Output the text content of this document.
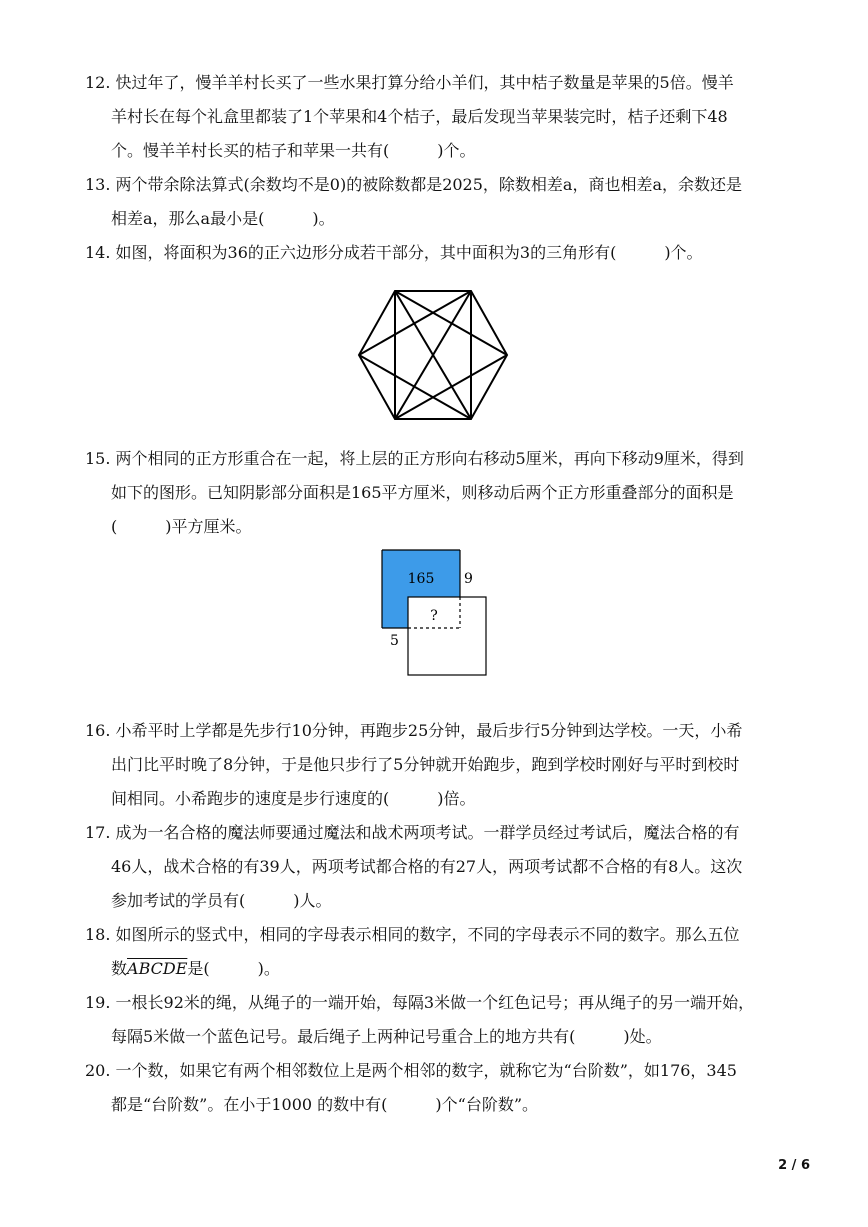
12. 快过年了，慢羊羊村长买了一些水果打算分给小羊们，其中桔子数量是苹果的5倍。慢羊
羊村长在每个礼盒里都装了1个苹果和4个桔子，最后发现当苹果装完时，桔子还剩下48
个。慢羊羊村长买的桔子和苹果一共有(　　　)个。
13. 两个带余除法算式(余数均不是0)的被除数都是2025，除数相差a，商也相差a，余数还是
相差a，那么a最小是(　　　)。
14. 如图，将面积为36的正六边形分成若干部分，其中面积为3的三角形有(　　　)个。
15. 两个相同的正方形重合在一起，将上层的正方形向右移动5厘米，再向下移动9厘米，得到
如下的图形。已知阴影部分面积是165平方厘米，则移动后两个正方形重叠部分的面积是
(　　　)平方厘米。
165
?
9
5
16. 小希平时上学都是先步行10分钟，再跑步25分钟，最后步行5分钟到达学校。一天，小希
出门比平时晚了8分钟，于是他只步行了5分钟就开始跑步，跑到学校时刚好与平时到校时
间相同。小希跑步的速度是步行速度的(　　　)倍。
17. 成为一名合格的魔法师要通过魔法和战术两项考试。一群学员经过考试后，魔法合格的有
46人，战术合格的有39人，两项考试都合格的有27人，两项考试都不合格的有8人。这次
参加考试的学员有(　　　)人。
18. 如图所示的竖式中，相同的字母表示相同的数字，不同的字母表示不同的数字。那么五位
数ABCDE是(　　　)。
19. 一根长92米的绳，从绳子的一端开始，每隔3米做一个红色记号；再从绳子的另一端开始，
每隔5米做一个蓝色记号。最后绳子上两种记号重合上的地方共有(　　　)处。
20. 一个数，如果它有两个相邻数位上是两个相邻的数字，就称它为“台阶数”，如176，345
都是“台阶数”。在小于1000 的数中有(　　　)个“台阶数”。
2 / 6
